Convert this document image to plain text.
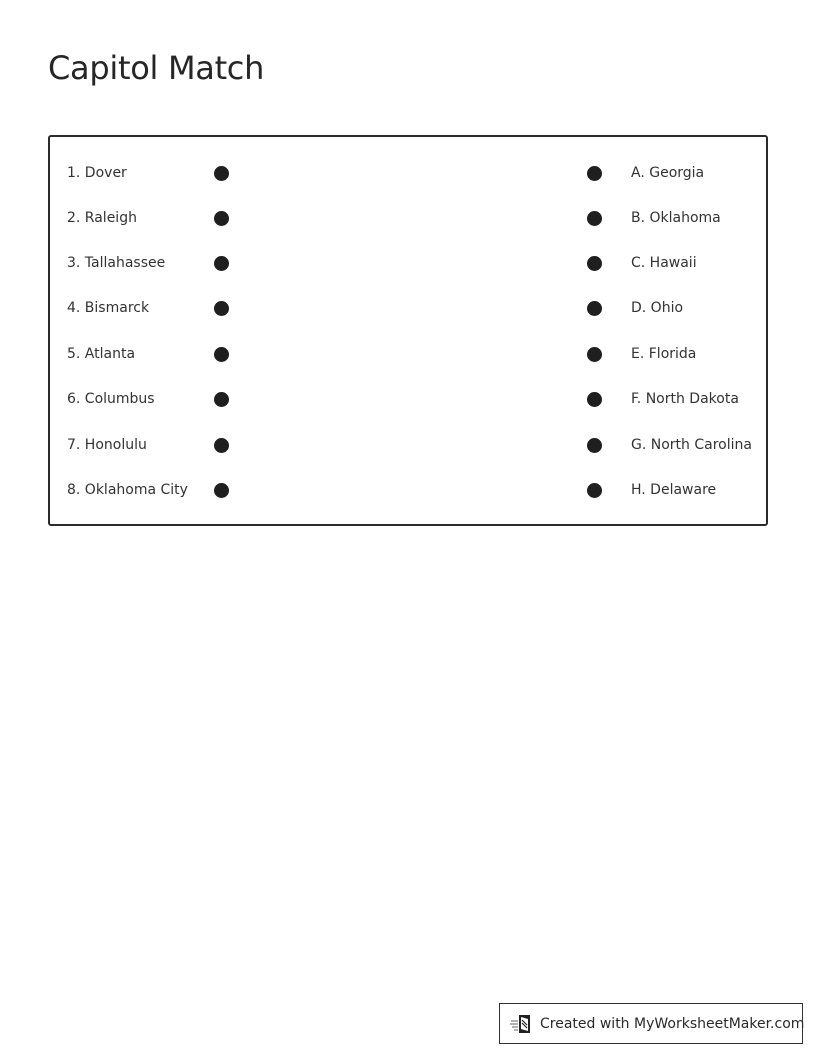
Capitol Match
1. Dover	A. Georgia
2. Raleigh	B. Oklahoma
3. Tallahassee	C. Hawaii
4. Bismarck	D. Ohio
5. Atlanta	E. Florida
6. Columbus	F. North Dakota
7. Honolulu	G. North Carolina
8. Oklahoma City	H. Delaware
Created with MyWorksheetMaker.com
